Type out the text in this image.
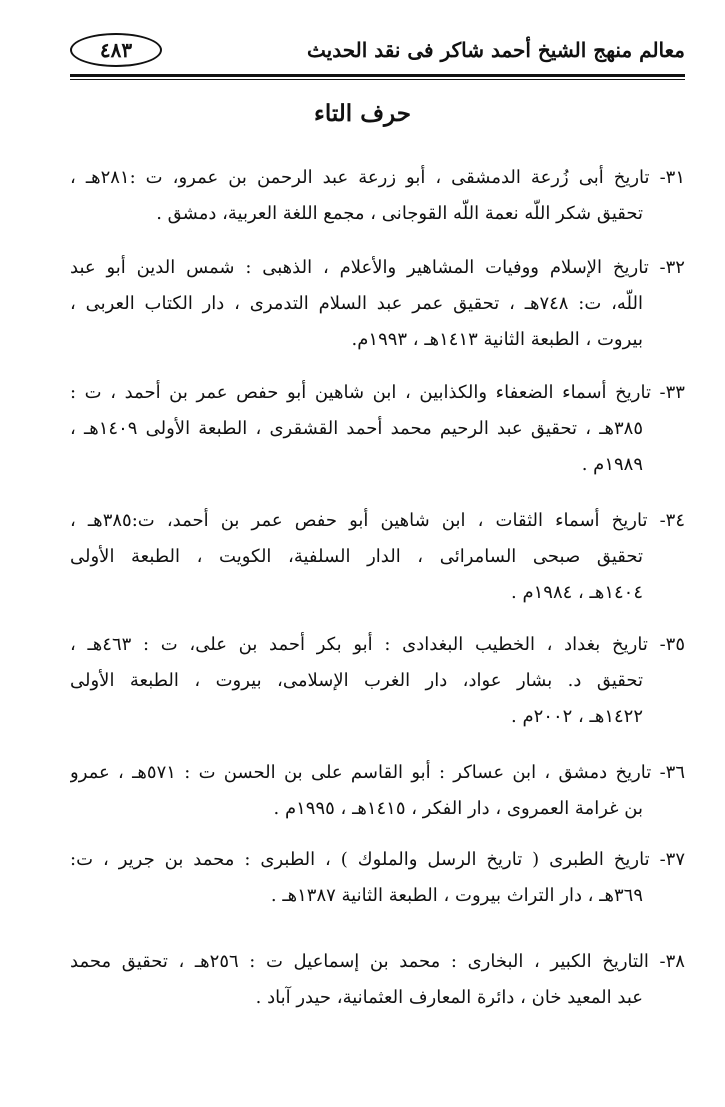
معالم منهج الشيخ أحمد شاكر فى نقد الحديث
٤٨٣
حرف التاء
٣١- تاريخ أبى زُرعة الدمشقى ، أبو زرعة عبد الرحمن بن عمرو، ت :٢٨١هـ ،
تحقيق شكر اللّه نعمة اللّه القوجانى ، مجمع اللغة العربية، دمشق .
٣٢- تاريخ الإسلام ووفيات المشاهير والأعلام ، الذهبى : شمس الدين أبو عبد
اللّه، ت: ٧٤٨هـ ، تحقيق عمر عبد السلام التدمرى ، دار الكتاب العربى ،
بيروت ، الطبعة الثانية ١٤١٣هـ ، ١٩٩٣م.
٣٣- تاريخ أسماء الضعفاء والكذابين ، ابن شاهين أبو حفص عمر بن أحمد ، ت :
٣٨٥هـ ، تحقيق عبد الرحيم محمد أحمد القشقرى ، الطبعة الأولى ١٤٠٩هـ ،
١٩٨٩م .
٣٤- تاريخ أسماء الثقات ، ابن شاهين أبو حفص عمر بن أحمد، ت:٣٨٥هـ ،
تحقيق صبحى السامرائى ، الدار السلفية، الكويت ، الطبعة الأولى
١٤٠٤هـ ، ١٩٨٤م .
٣٥- تاريخ بغداد ، الخطيب البغدادى : أبو بكر أحمد بن على، ت : ٤٦٣هـ ،
تحقيق د. بشار عواد، دار الغرب الإسلامى، بيروت ، الطبعة الأولى
١٤٢٢هـ ، ٢٠٠٢م .
٣٦- تاريخ دمشق ، ابن عساكر : أبو القاسم على بن الحسن ت : ٥٧١هـ ، عمرو
بن غرامة العمروى ، دار الفكر ، ١٤١٥هـ ، ١٩٩٥م .
٣٧- تاريخ الطبرى ( تاريخ الرسل والملوك ) ، الطبرى : محمد بن جرير ، ت:
٣٦٩هـ ، دار التراث بيروت ، الطبعة الثانية ١٣٨٧هـ .
٣٨- التاريخ الكبير ، البخارى : محمد بن إسماعيل ت : ٢٥٦هـ ، تحقيق محمد
عبد المعيد خان ، دائرة المعارف العثمانية، حيدر آباد .
